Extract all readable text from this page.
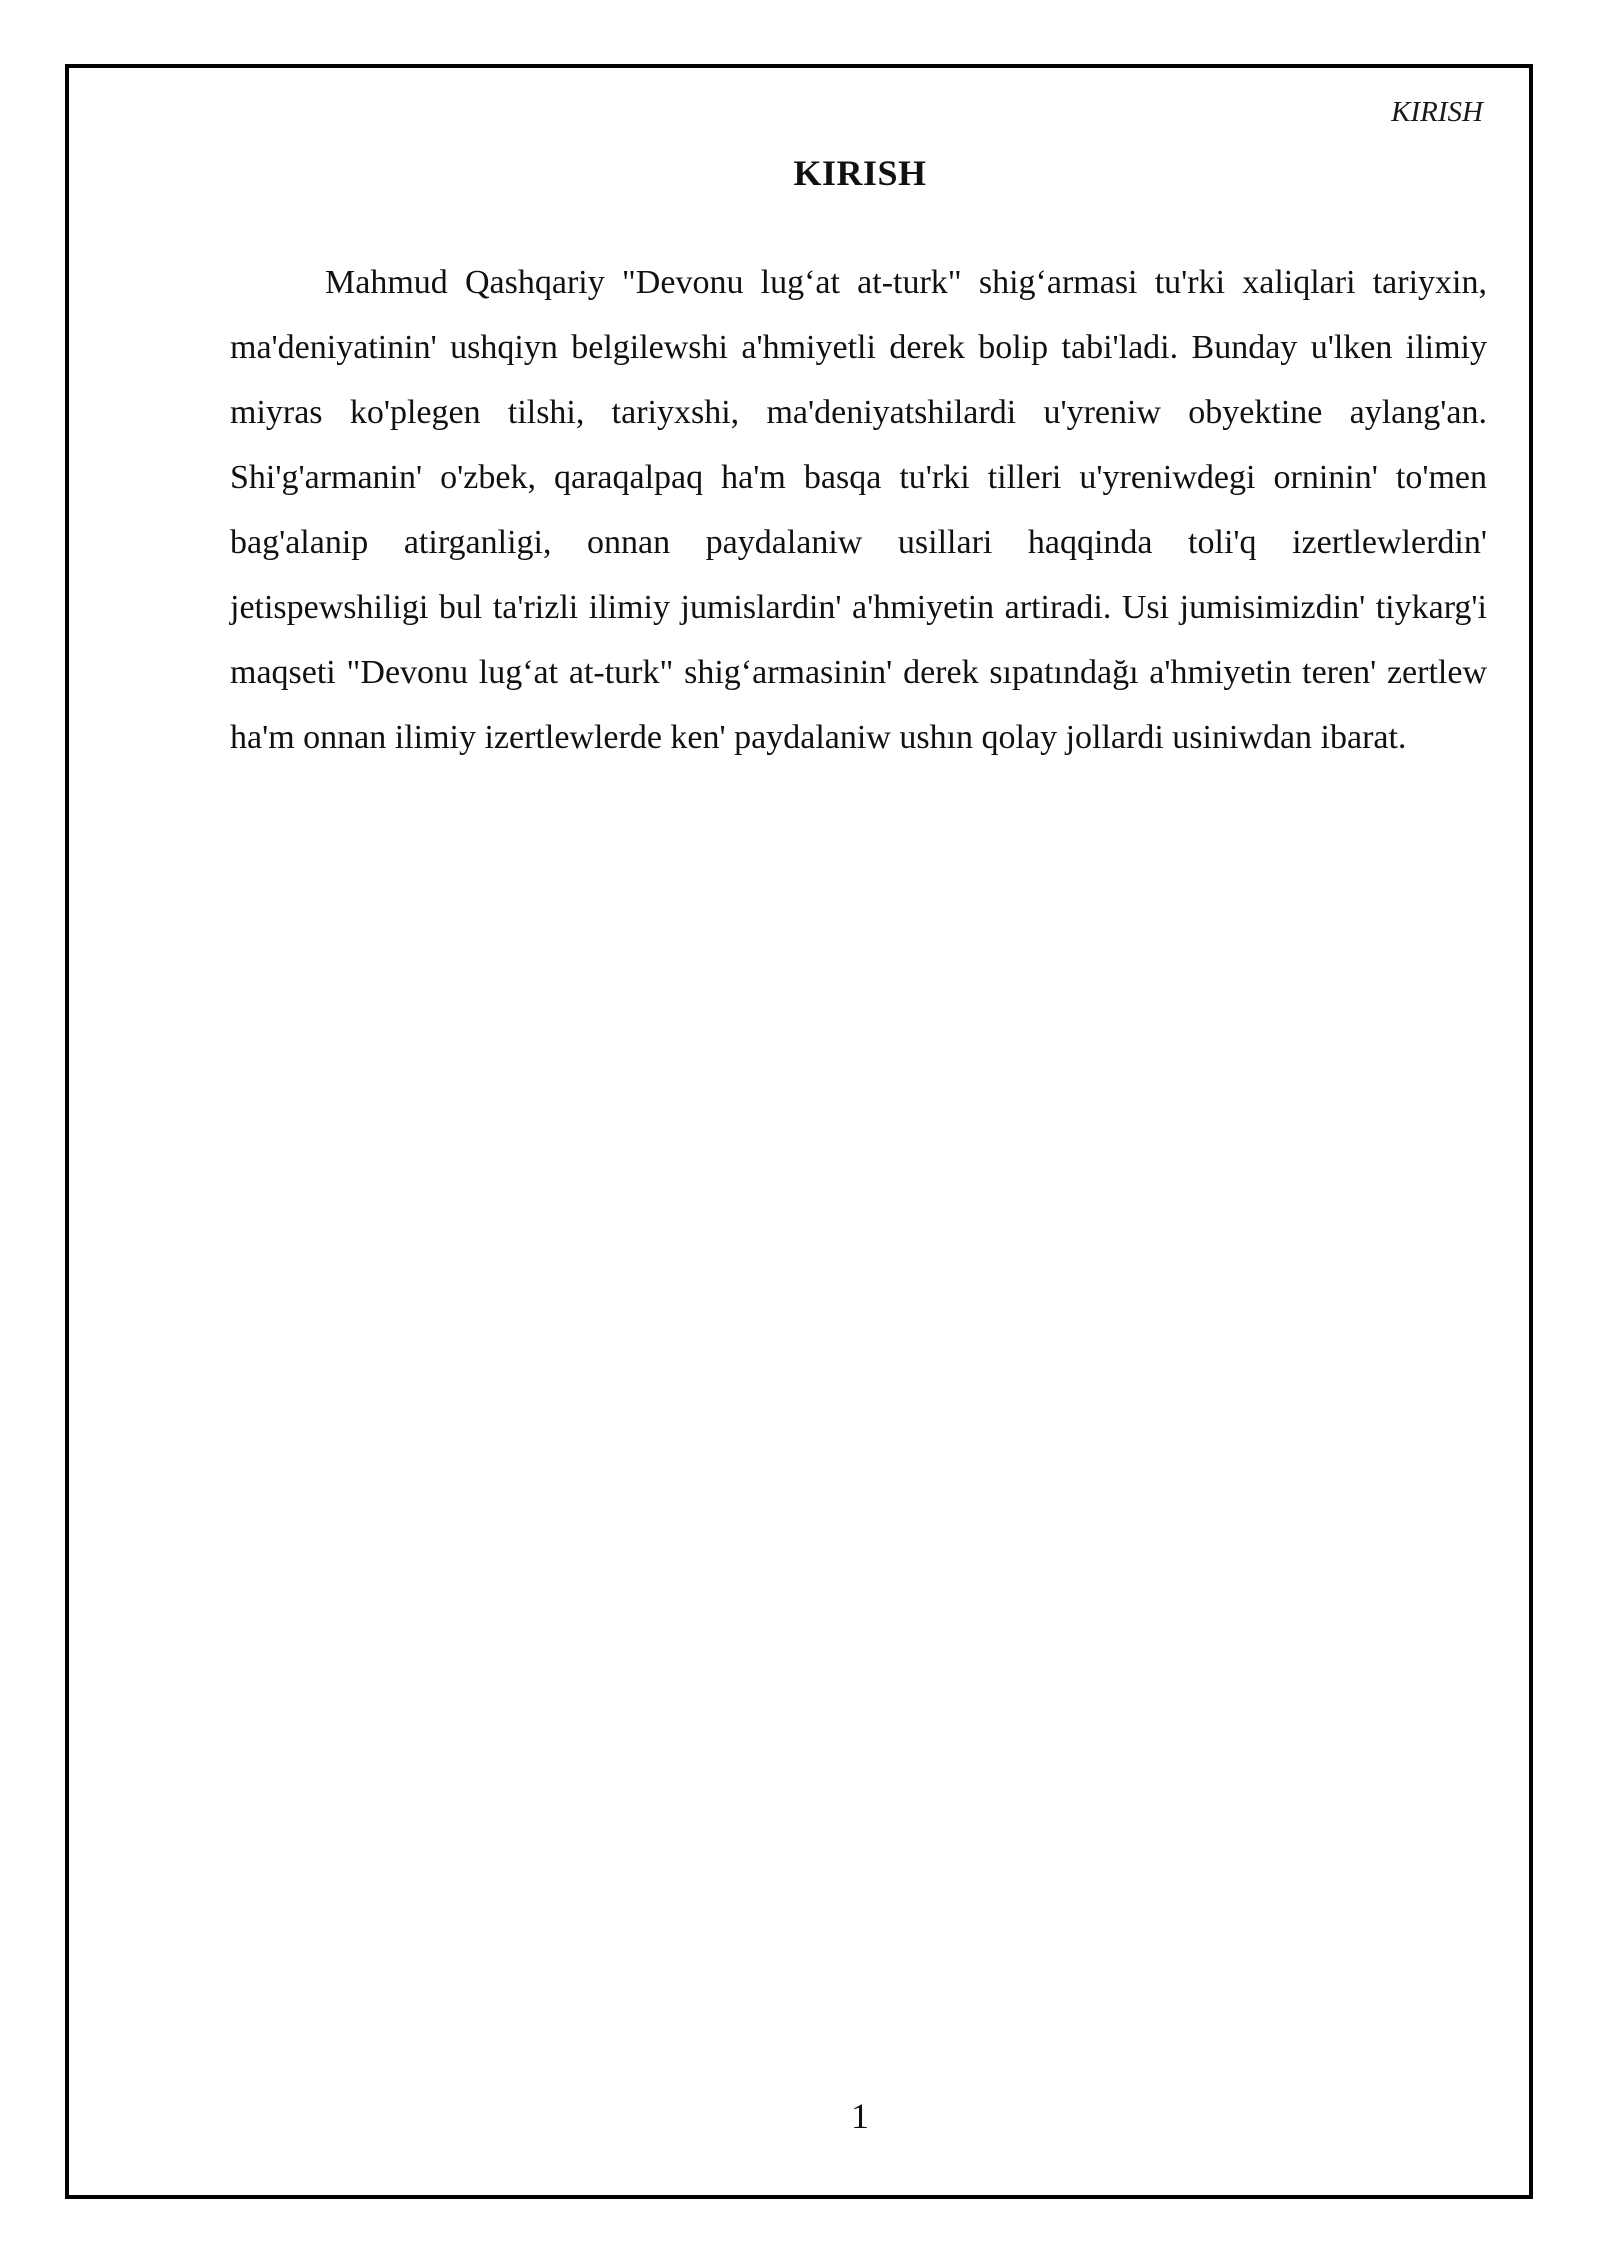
KIRISH
KIRISH

Mahmud Qashqariy "Devonu lug‘at at-turk" shig‘armasi tu'rki xaliqlari tariyxin, ma'deniyatinin' ushqiyn belgilewshi a'hmiyetli derek bolip tabi'ladi. Bunday u'lken ilimiy miyras ko'plegen tilshi, tariyxshi, ma'deniyatshilardi u'yreniw obyektine aylang'an. Shi'g'armanin' o'zbek, qaraqalpaq ha'm basqa tu'rki tilleri u'yreniwdegi orninin' to'men bag'alanip atirganligi, onnan paydalaniw usillari haqqinda toli'q izertlewlerdin' jetispewshiligi bul ta'rizli ilimiy jumislardin' a'hmiyetin artiradi. Usi jumisimizdin' tiykarg'i maqseti "Devonu lug‘at at-turk" shig‘armasinin' derek sıpatındağı a'hmiyetin teren' zertlew ha'm onnan ilimiy izertlewlerde ken' paydalaniw ushın qolay jollardi usiniwdan ibarat.

1
